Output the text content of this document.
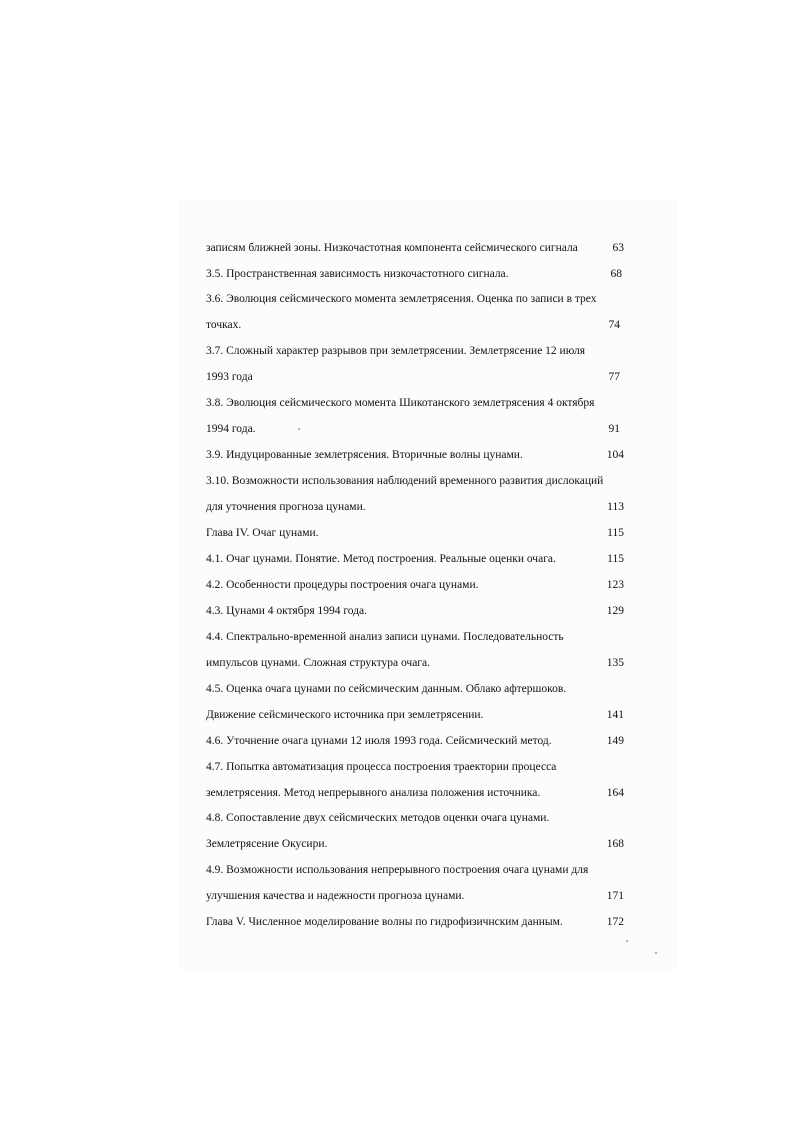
записям ближней зоны. Низкочастотная компонента сейсмического сигнала	63
3.5. Пространственная зависимость низкочастотного сигнала.	68
3.6. Эволюция сейсмического момента землетрясения. Оценка по записи в трех
точках.	74
3.7. Сложный характер разрывов при землетрясении. Землетрясение 12 июля
1993 года	77
3.8. Эволюция сейсмического момента Шикотанского землетрясения 4 октября
1994 года.	91
3.9. Индуцированные землетрясения. Вторичные волны цунами.	104
3.10. Возможности использования наблюдений временного развития дислокаций
для уточнения прогноза цунами.	113
Глава IV. Очаг цунами.	115
4.1. Очаг цунами. Понятие. Метод построения. Реальные оценки очага.	115
4.2. Особенности процедуры построения очага цунами.	123
4.3. Цунами 4 октября 1994 года.	129
4.4. Спектрально-временной анализ записи цунами. Последовательность
импульсов цунами. Сложная структура очага.	135
4.5. Оценка очага цунами по сейсмическим данным. Облако афтершоков.
Движение сейсмического источника при землетрясении.	141
4.6. Уточнение очага цунами 12 июля 1993 года. Сейсмический метод.	149
4.7. Попытка автоматизация процесса построения траектории процесса
землетрясения. Метод непрерывного анализа положения источника.	164
4.8. Сопоставление двух сейсмических методов оценки очага цунами.
Землетрясение Окусири.	168
4.9. Возможности использования непрерывного построения очага цунами для
улучшения качества и надежности прогноза цунами.	171
Глава V. Численное моделирование волны по гидрофизичнским данным.	172
